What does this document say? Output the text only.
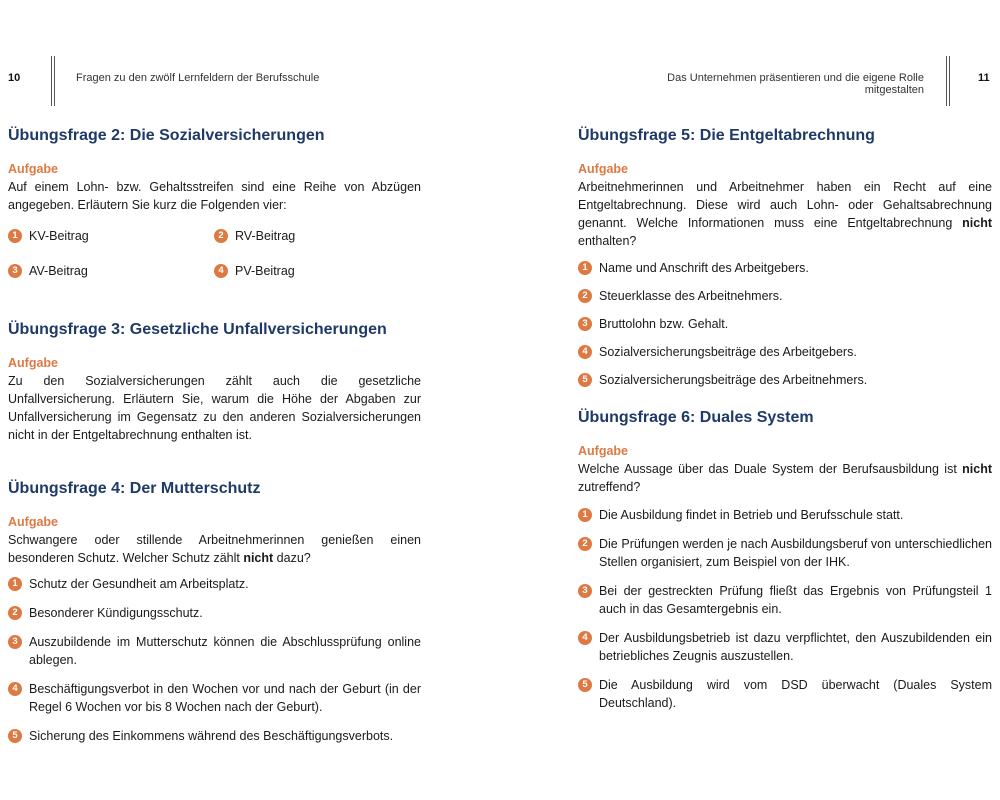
10	Fragen zu den zwölf Lernfeldern der Berufsschule
Übungsfrage 2: Die Sozialversicherungen
Aufgabe

Auf einem Lohn- bzw. Gehaltsstreifen sind eine Reihe von Abzügen angegeben. Erläutern Sie kurz die Folgenden vier:

1 KV-Beitrag	2 RV-Beitrag
3 AV-Beitrag	4 PV-Beitrag
Übungsfrage 3: Gesetzliche Unfallversicherungen
Aufgabe

Zu den Sozialversicherungen zählt auch die gesetzliche Unfallversicherung. Erläutern Sie, warum die Höhe der Abgaben zur Unfallversicherung im Gegensatz zu den anderen Sozialversicherungen nicht in der Entgeltabrechnung enthalten ist.

Übungsfrage 4: Der Mutterschutz
Aufgabe

Schwangere oder stillende Arbeitnehmerinnen genießen einen besonderen Schutz. Welcher Schutz zählt nicht dazu?

1 Schutz der Gesundheit am Arbeitsplatz.
2 Besonderer Kündigungsschutz.
3 Auszubildende im Mutterschutz können die Abschlussprüfung online ablegen.
4 Beschäftigungsverbot in den Wochen vor und nach der Geburt (in der Regel 6 Wochen vor bis 8 Wochen nach der Geburt).
5 Sicherung des Einkommens während des Beschäftigungsverbots.
Das Unternehmen präsentieren und die eigene Rolle mitgestalten
11
Übungsfrage 5: Die Entgeltabrechnung
Aufgabe

Arbeitnehmerinnen und Arbeitnehmer haben ein Recht auf eine Entgeltabrechnung. Diese wird auch Lohn- oder Gehaltsabrechnung genannt. Welche Informationen muss eine Entgeltabrechnung nicht enthalten?

1 Name und Anschrift des Arbeitgebers.
2 Steuerklasse des Arbeitnehmers.
3 Bruttolohn bzw. Gehalt.
4 Sozialversicherungsbeiträge des Arbeitgebers.
5 Sozialversicherungsbeiträge des Arbeitnehmers.
Übungsfrage 6: Duales System
Aufgabe

Welche Aussage über das Duale System der Berufsausbildung ist nicht zutreffend?

1 Die Ausbildung findet in Betrieb und Berufsschule statt.
2 Die Prüfungen werden je nach Ausbildungsberuf von unterschiedlichen Stellen organisiert, zum Beispiel von der IHK.
3 Bei der gestreckten Prüfung fließt das Ergebnis von Prüfungsteil 1 auch in das Gesamtergebnis ein.
4 Der Ausbildungsbetrieb ist dazu verpflichtet, den Auszubildenden ein betriebliches Zeugnis auszustellen.
5 Die Ausbildung wird vom DSD überwacht (Duales System Deutschland).
